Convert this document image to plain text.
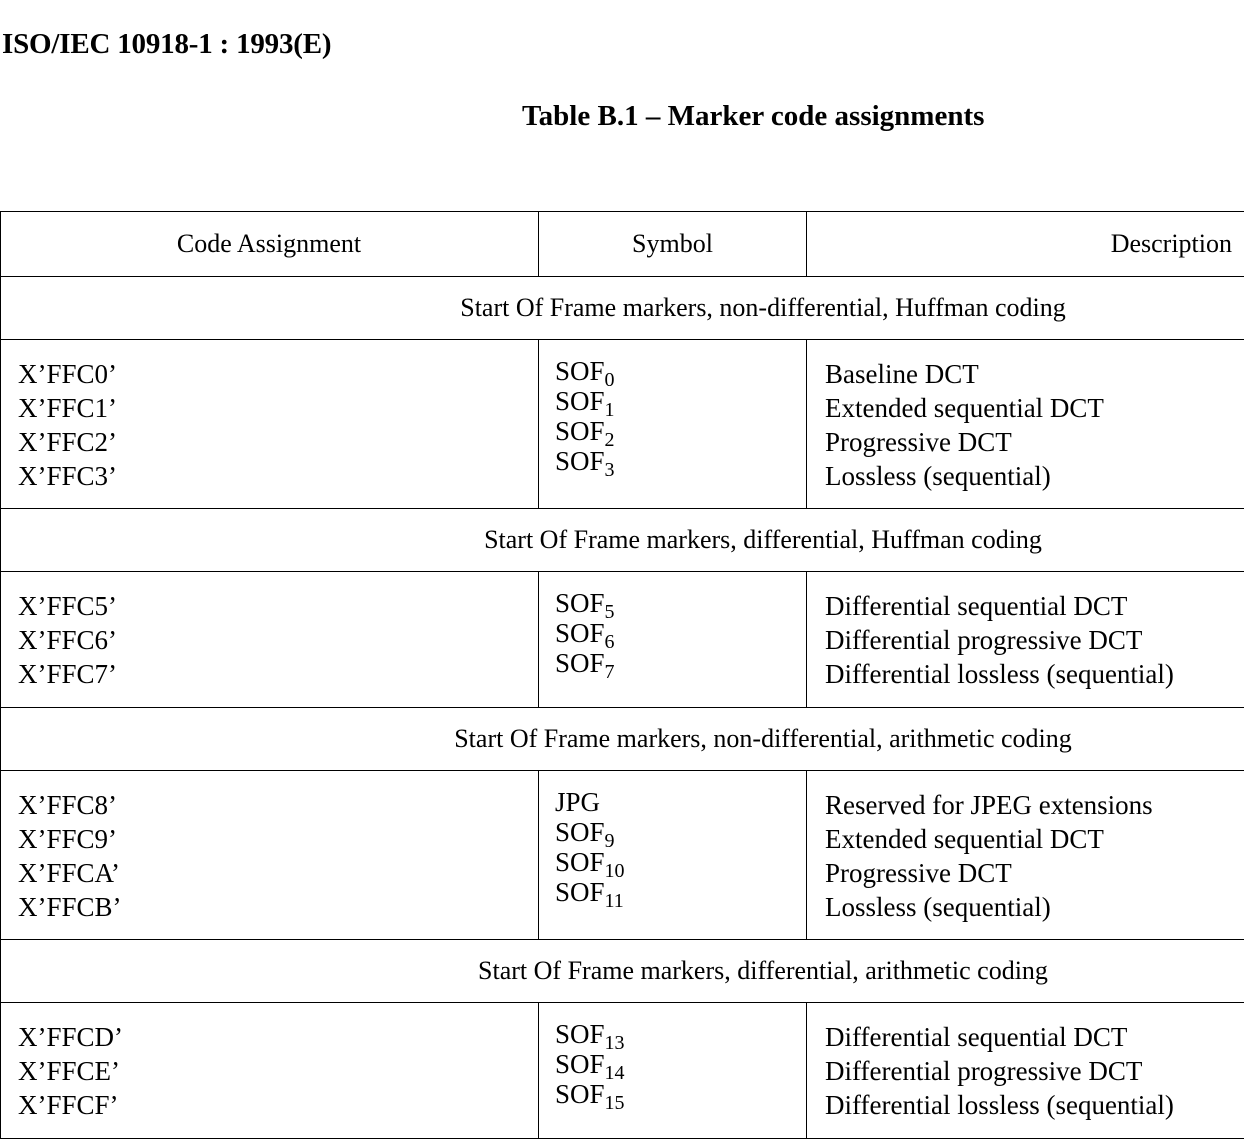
ISO/IEC 10918-1 : 1993(E)
Table B.1 – Marker code assignments
Code Assignment	Symbol	Description
Start Of Frame markers, non-differential, Huffman coding
X’FFC0’
X’FFC1’
X’FFC2’
X’FFC3’
$SOF_0$
$SOF_1$
$SOF_2$
$SOF_3$
Baseline DCT
Extended sequential DCT
Progressive DCT
Lossless (sequential)
Start Of Frame markers, differential, Huffman coding
X’FFC5’
X’FFC6’
X’FFC7’
$SOF_5$
$SOF_6$
$SOF_7$
Differential sequential DCT
Differential progressive DCT
Differential lossless (sequential)
Start Of Frame markers, non-differential, arithmetic coding
X’FFC8’
X’FFC9’
X’FFCA’
X’FFCB’
JPG
$SOF_9$
$SOF_{10}$
$SOF_{11}$
Reserved for JPEG extensions
Extended sequential DCT
Progressive DCT
Lossless (sequential)
Start Of Frame markers, differential, arithmetic coding
X’FFCD’
X’FFCE’
X’FFCF’
$SOF_{13}$
$SOF_{14}$
$SOF_{15}$
Differential sequential DCT
Differential progressive DCT
Differential lossless (sequential)
